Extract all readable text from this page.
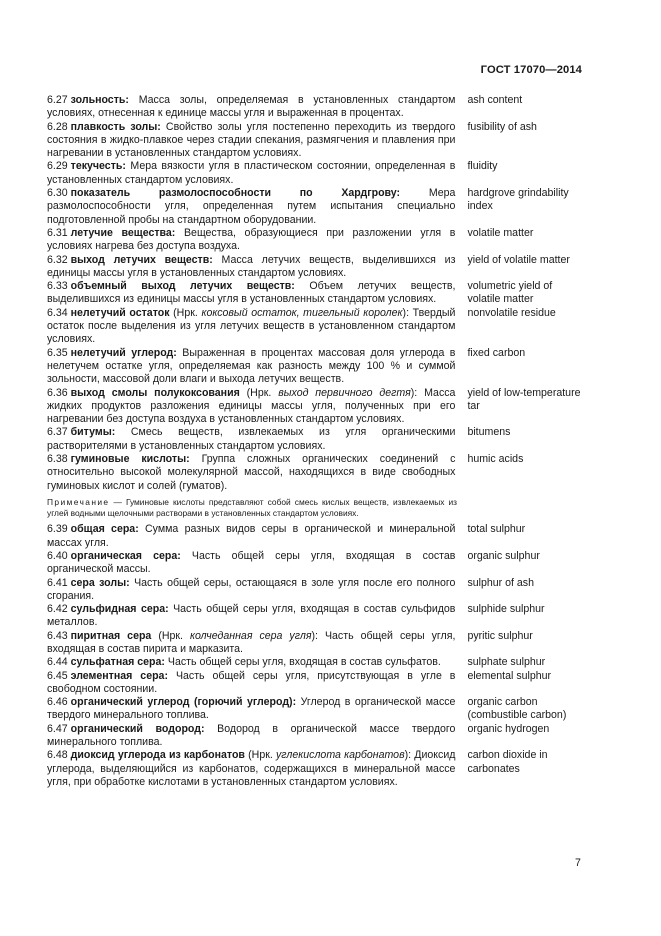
ГОСТ 17070—2014
6.27 зольность: Масса золы, определяемая в установленных стандартом условиях, отнесенная к единице массы угля и выраженная в процентах.
ash content
6.28 плавкость золы: Свойство золы угля постепенно переходить из твердого состояния в жидко-плавкое через стадии спекания, размягчения и плавления при нагревании в установленных стандартом условиях.
fusibility of ash
6.29 текучесть: Мера вязкости угля в пластическом состоянии, определенная в установленных стандартом условиях.
fluidity
6.30 показатель размолоспособности по Хардгрову:	Мера размолоспособности угля, определенная путем испытания специально подготовленной пробы на стандартном оборудовании.
hardgrove grindability index
6.31 летучие вещества: Вещества, образующиеся при разложении угля в условиях нагрева без доступа воздуха.
volatile matter
6.32 выход летучих веществ: Масса летучих веществ, выделившихся из единицы массы угля в установленных стандартом условиях.
yield of volatile matter
6.33 объемный выход летучих веществ: Объем летучих веществ, выделившихся из единицы массы угля в установленных стандартом условиях.
volumetric yield of volatile matter
6.34 нелетучий остаток (Нрк. коксовый остаток, тигельный королек): Твердый остаток после выделения из угля летучих веществ в установленном стандартом условиях.
nonvolatile residue
6.35 нелетучий углерод: Выраженная в процентах массовая доля углерода в нелетучем остатке угля, определяемая как разность между 100 % и суммой зольности, массовой доли влаги и выхода летучих веществ.
fixed carbon
6.36 выход смолы полукоксования (Нрк. выход первичного дегтя): Масса жидких продуктов разложения единицы массы угля, полученных при его нагревании без доступа воздуха в установленных стандартом условиях.
yield of low-temperature tar
6.37 битумы: Смесь веществ, извлекаемых из угля органическими растворителями в установленных стандартом условиях.
bitumens
6.38 гуминовые кислоты: Группа сложных органических соединений с относительно высокой молекулярной массой, находящихся в виде свободных гуминовых кислот и солей (гуматов).
humic acids
Примечание — Гуминовые кислоты представляют собой смесь кислых веществ, извлекаемых из углей водными щелочными растворами в установленных стандартом условиях.
6.39 общая сера: Сумма разных видов серы в органической и минеральной массах угля.
total sulphur
6.40 органическая сера: Часть общей серы угля, входящая в состав органической массы.
organic sulphur
6.41 сера золы: Часть общей серы, остающаяся в золе угля после его полного сгорания.
sulphur of ash
6.42 сульфидная сера: Часть общей серы угля, входящая в состав сульфидов металлов.
sulphide sulphur
6.43 пиритная сера (Нрк. колчеданная сера угля): Часть общей серы угля, входящая в состав пирита и марказита.
pyritic sulphur
6.44 сульфатная сера: Часть общей серы угля, входящая в состав сульфатов.	sulphate sulphur
6.45 элементная сера: Часть общей серы угля, присутствующая в угле в свободном состоянии.
elemental sulphur
6.46 органический углерод (горючий углерод): Углерод в органической массе твердого минерального топлива.
organic carbon (combustible carbon)
6.47 органический водород: Водород в органической массе твердого минерального топлива.
organic hydrogen
6.48 диоксид углерода из карбонатов (Нрк. углекислота карбонатов): Диоксид углерода, выделяющийся из карбонатов, содержащихся в минеральной массе угля, при обработке кислотами в установленных стандартом условиях.
carbon dioxide in carbonates
7
